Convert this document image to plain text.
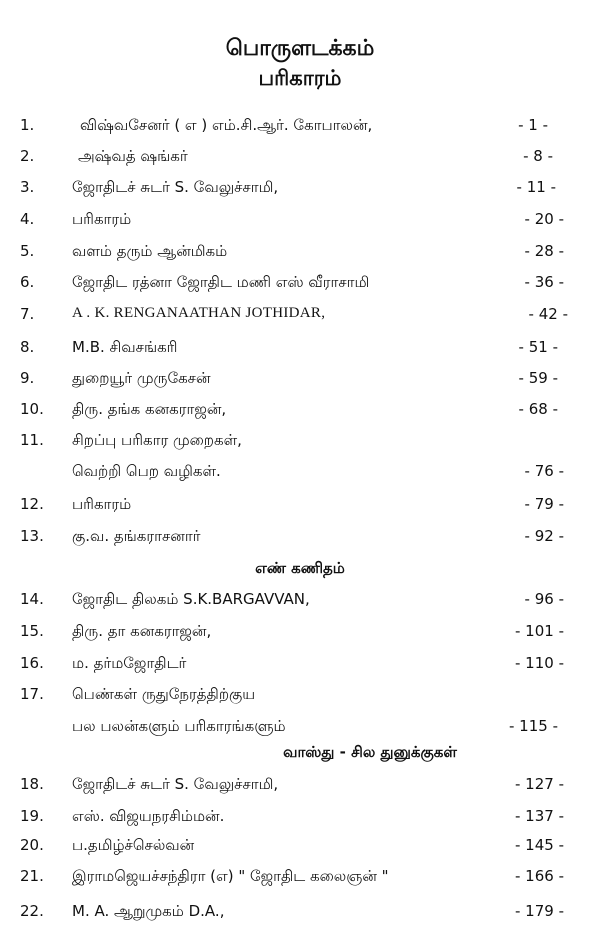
பொருளடக்கம்
பரிகாரம்
1.	விஷ்வசேனர் ( எ ) எம்.சி.ஆர். கோபாலன்,	- 1 -
2.	அஷ்வத் ஷங்கர்	- 8 -
3.	ஜோதிடச் சுடர் S. வேலுச்சாமி,	- 11 -
4.	பரிகாரம்	- 20 -
5.	வளம் தரும் ஆன்மிகம்	- 28 -
6.	ஜோதிட ரத்னா ஜோதிட மணி எஸ் வீராசாமி	- 36 -
7.	A . K. RENGANAATHAN JOTHIDAR,	- 42 -
8.	M.B. சிவசங்கரி	- 51 -
9.	துறையூர் முருகேசன்	- 59 -
10. திரு. தங்க கனகராஜன்,	- 68 -
11. சிறப்பு பரிகார முறைகள்,
வெற்றி பெற வழிகள்.	- 76 -
12. பரிகாரம்	- 79 -
13. கு.வ. தங்கராசனார்	- 92 -
எண் கணிதம்
14. ஜோதிட திலகம் S.K.BARGAVVAN,	- 96 -
15. திரு. தா கனகராஜன்,	- 101 -
16. ம. தர்மஜோதிடர்	- 110 -
17. பெண்கள் ருதுநேரத்திற்குய
பல பலன்களும் பரிகாரங்களும்	- 115 -
வாஸ்து - சில துனுக்குகள்
18. ஜோதிடச் சுடர் S. வேலுச்சாமி,	- 127 -
19. எஸ். விஜயநரசிம்மன்.	- 137 -
20. ப.தமிழ்ச்செல்வன்	- 145 -
21. இராமஜெயச்சந்திரா (எ) " ஜோதிட கலைஞன் "	- 166 -
22. M. A. ஆறுமுகம் D.A.,	- 179 -
